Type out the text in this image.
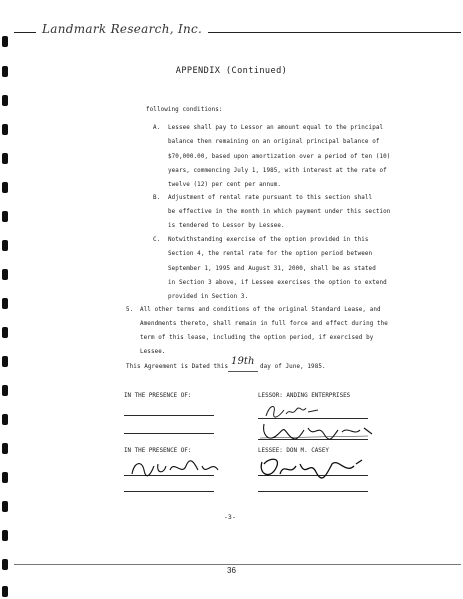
Landmark Research, Inc.
APPENDIX (Continued)
following conditions:
A. Lessee shall pay to Lessor an amount equal to the principal
balance then remaining on an original principal balance of
$70,000.00, based upon amortization over a period of ten (10)
years, commencing July 1, 1985, with interest at the rate of
twelve (12) per cent per annum.
B. Adjustment of rental rate pursuant to this section shall
be effective in the month in which payment under this section
is tendered to Lessor by Lessee.
C. Notwithstanding exercise of the option provided in this
Section 4, the rental rate for the option period between
September 1, 1995 and August 31, 2000, shall be as stated
in Section 3 above, if Lessee exercises the option to extend
provided in Section 3.
5. All other terms and conditions of the original Standard Lease, and
Amendments thereto, shall remain in full force and effect during the
term of this lease, including the option period, if exercised by
Lessee.
This Agreement is Dated this 19th day of June, 1985.
IN THE PRESENCE OF:	LESSOR: ANDING ENTERPRISES
IN THE PRESENCE OF:	LESSEE: DON M. CASEY
-3-
36
